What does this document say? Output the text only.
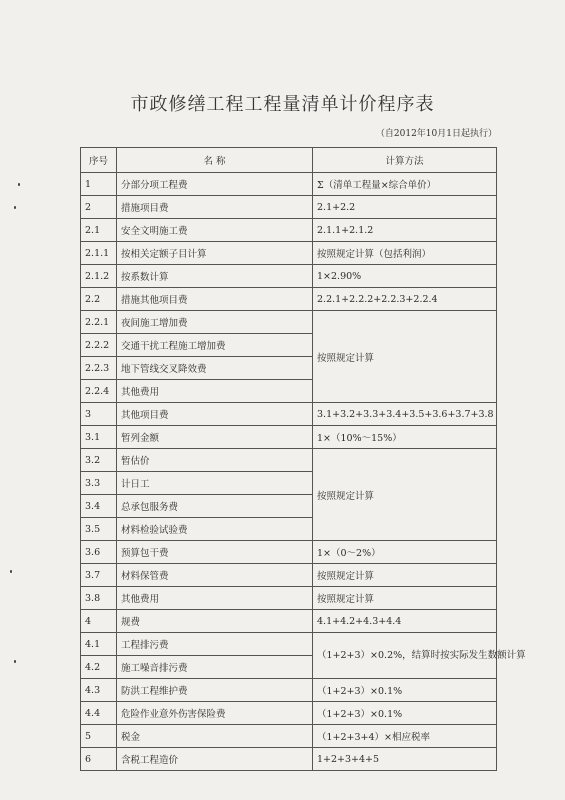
市政修缮工程工程量清单计价程序表
（自2012年10月1日起执行）
序号	名 称	计算方法
1	分部分项工程费	Σ（清单工程量×综合单价）
2	措施项目费	2.1+2.2
2.1	安全文明施工费	2.1.1+2.1.2
2.1.1	按相关定额子目计算	按照规定计算（包括利润）
2.1.2	按系数计算	1×2.90%
2.2	措施其他项目费	2.2.1+2.2.2+2.2.3+2.2.4
2.2.1	夜间施工增加费	按照规定计算
2.2.2	交通干扰工程施工增加费	
2.2.3	地下管线交叉降效费	
2.2.4	其他费用	
3	其他项目费	3.1+3.2+3.3+3.4+3.5+3.6+3.7+3.8
3.1	暂列金额	1×（10%～15%）
3.2	暂估价	按照规定计算
3.3	计日工	
3.4	总承包服务费	
3.5	材料检验试验费	
3.6	预算包干费	1×（0～2%）
3.7	材料保管费	按照规定计算
3.8	其他费用	按照规定计算
4	规费	4.1+4.2+4.3+4.4
4.1	工程排污费	（1+2+3）×0.2%，结算时按实际发生数额计算
4.2	施工噪音排污费	
4.3	防洪工程维护费	（1+2+3）×0.1%
4.4	危险作业意外伤害保险费	（1+2+3）×0.1%
5	税金	（1+2+3+4）×相应税率
6	含税工程造价	1+2+3+4+5
